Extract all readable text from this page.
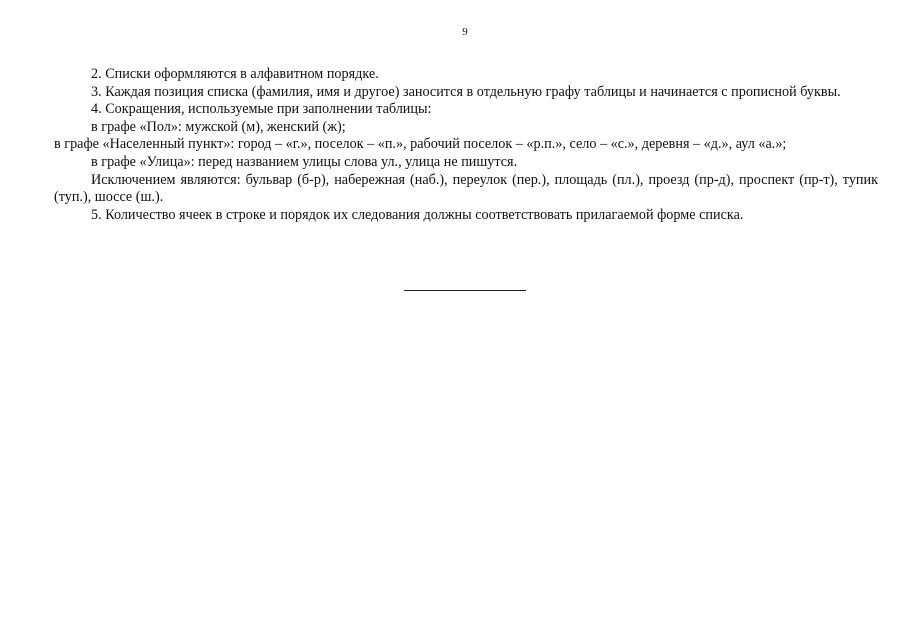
9

2. Списки оформляются в алфавитном порядке.

3. Каждая позиция списка (фамилия, имя и другое) заносится в отдельную графу таблицы и начинается с прописной буквы.

4. Сокращения, используемые при заполнении таблицы:

в графе «Пол»: мужской (м), женский (ж);

в графе «Населенный пункт»: город – «г.», поселок – «п.», рабочий поселок – «р.п.», село – «с.», деревня – «д.», аул «а.»;

в графе «Улица»: перед названием улицы слова ул., улица не пишутся.

Исключением являются: бульвар (б-р), набережная (наб.), переулок (пер.), площадь (пл.), проезд (пр-д), проспект (пр-т), тупик (туп.), шоссе (ш.).

5. Количество ячеек в строке и порядок их следования должны соответствовать прилагаемой форме списка.
